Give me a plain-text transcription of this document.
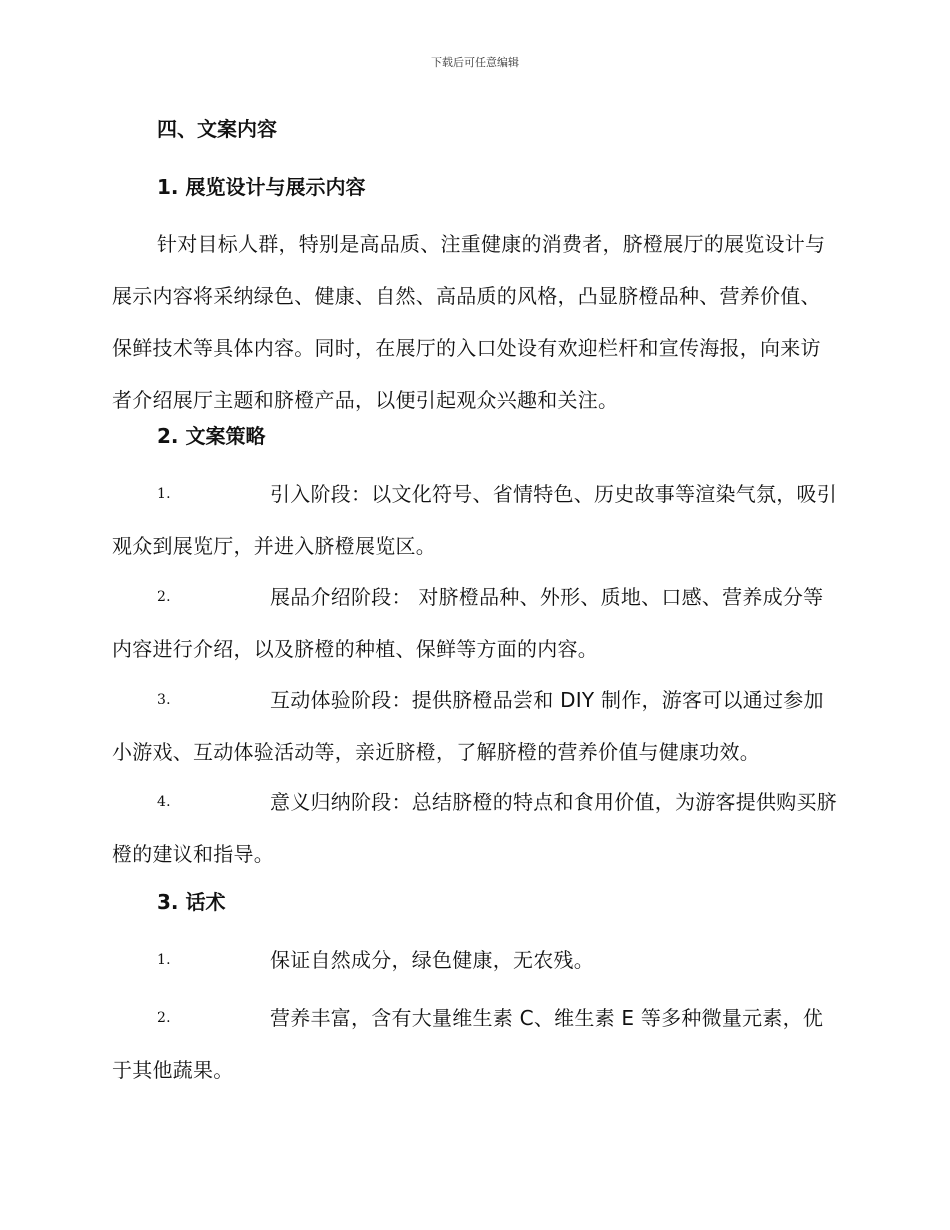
下载后可任意编辑
四、文案内容
1. 展览设计与展示内容

针对目标人群，特别是高品质、注重健康的消费者，脐橙展厅的展览设计与展示内容将采纳绿色、健康、自然、高品质的风格，凸显脐橙品种、营养价值、保鲜技术等具体内容。同时，在展厅的入口处设有欢迎栏杆和宣传海报，向来访者介绍展厅主题和脐橙产品，以便引起观众兴趣和关注。

2. 文案策略
1.	引入阶段：以文化符号、省情特色、历史故事等渲染气氛，吸引观众到展览厅，并进入脐橙展览区。
2.	展品介绍阶段： 对脐橙品种、外形、质地、口感、营养成分等内容进行介绍，以及脐橙的种植、保鲜等方面的内容。
3.	互动体验阶段：提供脐橙品尝和 DIY 制作，游客可以通过参加小游戏、互动体验活动等，亲近脐橙，了解脐橙的营养价值与健康功效。
4.	意义归纳阶段：总结脐橙的特点和食用价值，为游客提供购买脐橙的建议和指导。
3. 话术
1.	保证自然成分，绿色健康，无农残。
2.	营养丰富，含有大量维生素 C、维生素 E 等多种微量元素，优于其他蔬果。
